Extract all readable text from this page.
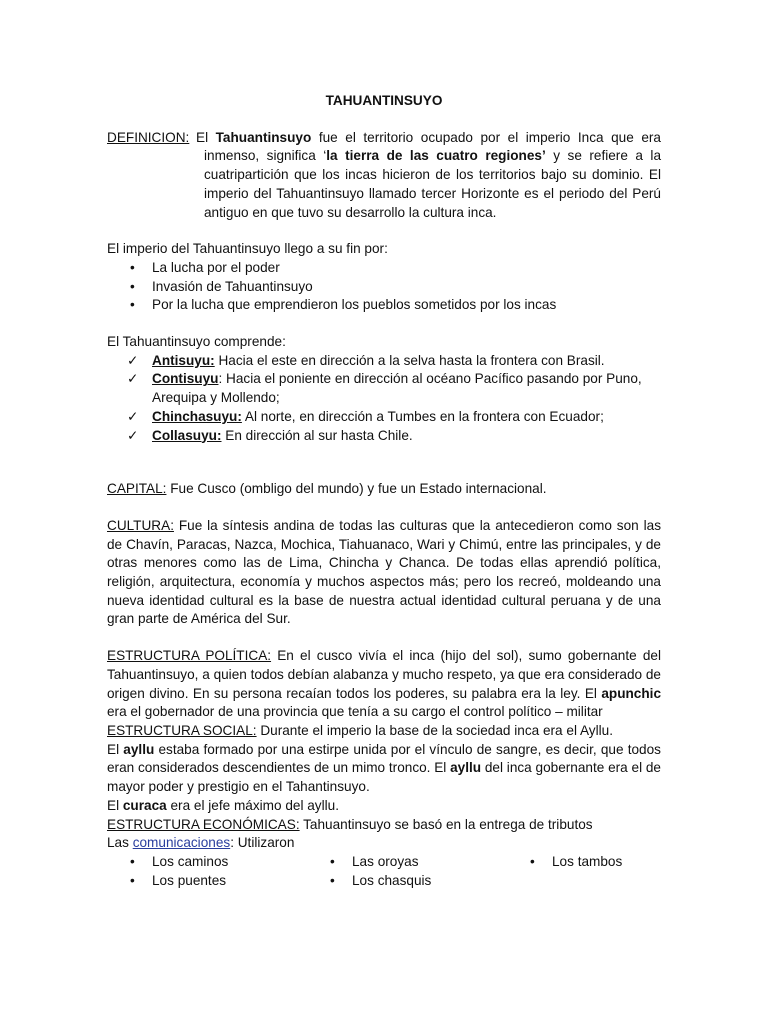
TAHUANTINSUYO

DEFINICION: El Tahuantinsuyo fue el territorio ocupado por el imperio Inca que era inmenso, significa ‘la tierra de las cuatro regiones’ y se refiere a la cuatripartición que los incas hicieron de los territorios bajo su dominio. El imperio del Tahuantinsuyo llamado tercer Horizonte es el periodo del Perú antiguo en que tuvo su desarrollo la cultura inca.

El imperio del Tahuantinsuyo llego a su fin por:

• La lucha por el poder
• Invasión de Tahuantinsuyo
• Por la lucha que emprendieron los pueblos sometidos por los incas

El Tahuantinsuyo comprende:

✓ Antisuyu: Hacia el este en dirección a la selva hasta la frontera con Brasil.
✓ Contisuyu: Hacia el poniente en dirección al océano Pacífico pasando por Puno, Arequipa y Mollendo;
✓ Chinchasuyu: Al norte, en dirección a Tumbes en la frontera con Ecuador;
✓ Collasuyu: En dirección al sur hasta Chile.

CAPITAL: Fue Cusco (ombligo del mundo) y fue un Estado internacional.

CULTURA: Fue la síntesis andina de todas las culturas que la antecedieron como son las de Chavín, Paracas, Nazca, Mochica, Tiahuanaco, Wari y Chimú, entre las principales, y de otras menores como las de Lima, Chincha y Chanca. De todas ellas aprendió política, religión, arquitectura, economía y muchos aspectos más; pero los recreó, moldeando una nueva identidad cultural es la base de nuestra actual identidad cultural peruana y de una gran parte de América del Sur.

ESTRUCTURA POLÍTICA: En el cusco vivía el inca (hijo del sol), sumo gobernante del Tahuantinsuyo, a quien todos debían alabanza y mucho respeto, ya que era considerado de origen divino. En su persona recaían todos los poderes, su palabra era la ley. El apunchic era el gobernador de una provincia que tenía a su cargo el control político – militar

ESTRUCTURA SOCIAL: Durante el imperio la base de la sociedad inca era el Ayllu.

El ayllu estaba formado por una estirpe unida por el vínculo de sangre, es decir, que todos eran considerados descendientes de un mimo tronco. El ayllu del inca gobernante era el de mayor poder y prestigio en el Tahantinsuyo.

El curaca era el jefe máximo del ayllu.

ESTRUCTURA ECONÓMICAS: Tahuantinsuyo se basó en la entrega de tributos

Las comunicaciones: Utilizaron

• Los caminos	• Las oroyas	• Los tambos
• Los puentes	• Los chasquis
